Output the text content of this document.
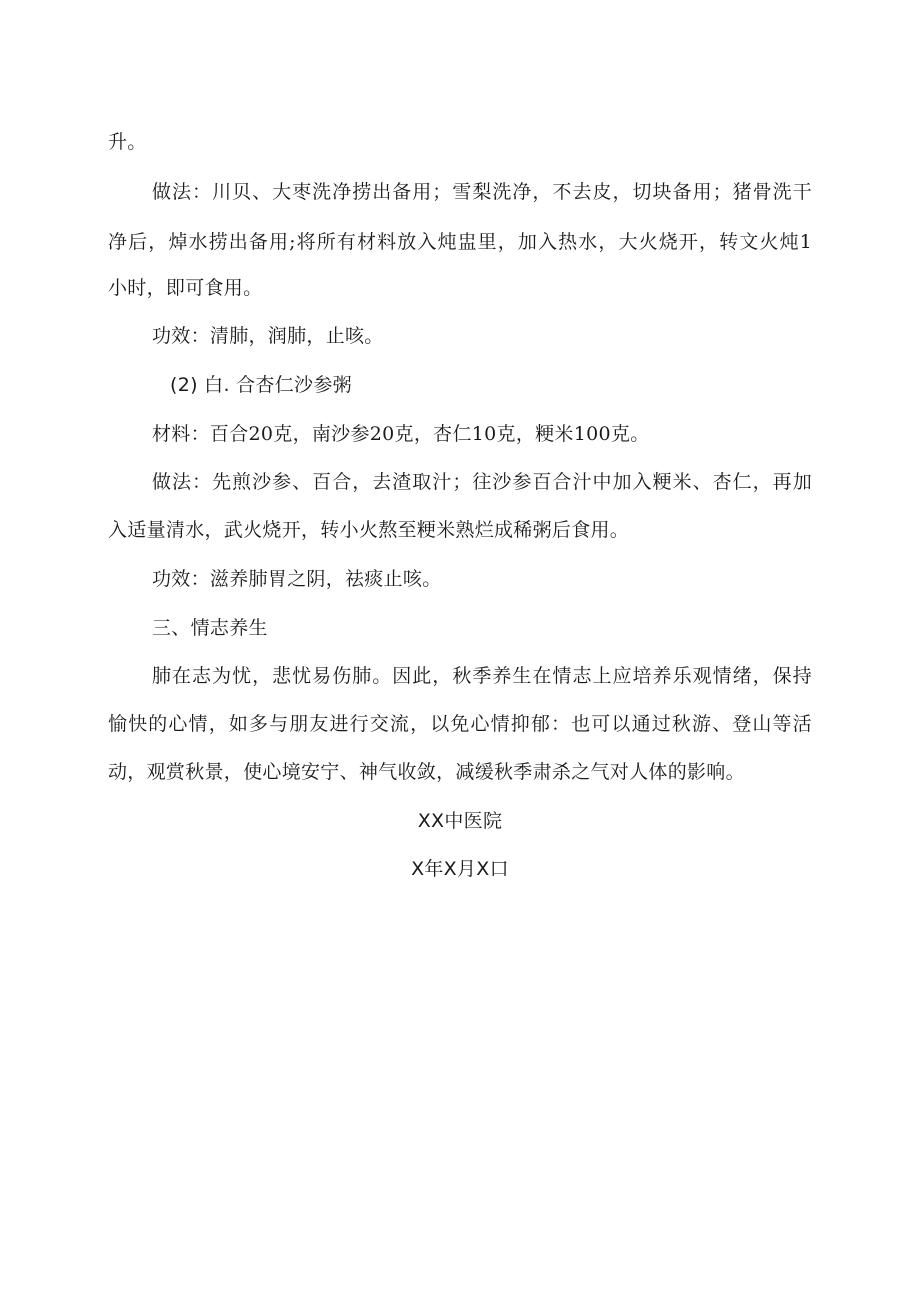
升。
做法：川贝、大枣洗净捞出备用；雪梨洗净，不去皮，切块备用；猪骨洗干
净后，焯水捞出备用;将所有材料放入炖盅里，加入热水，大火烧开，转文火炖1
小时，即可食用。
功效：清肺，润肺，止咳。
(2) 白. 合杏仁沙参粥
材料：百合20克，南沙参20克，杏仁10克，粳米100克。
做法：先煎沙参、百合，去渣取汁；往沙参百合汁中加入粳米、杏仁，再加
入适量清水，武火烧开，转小火熬至粳米熟烂成稀粥后食用。
功效：滋养肺胃之阴，祛痰止咳。
三、情志养生
肺在志为忧，悲忧易伤肺。因此，秋季养生在情志上应培养乐观情绪，保持
愉快的心情，如多与朋友进行交流，以免心情抑郁：也可以通过秋游、登山等活
动，观赏秋景，使心境安宁、神气收敛，减缓秋季肃杀之气对人体的影响。
XX中医院
X年X月X口
